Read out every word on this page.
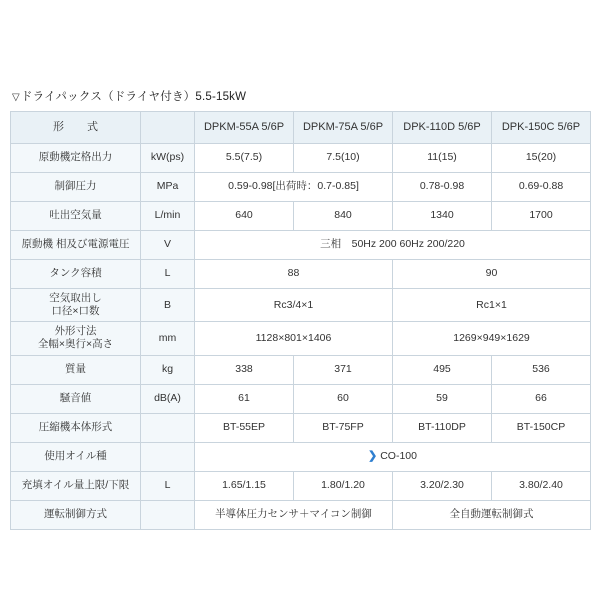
▽ドライパックス（ドライヤ付き）5.5-15kW
形　式		DPKM-55A 5/6P	DPKM-75A 5/6P	DPK-110D 5/6P	DPK-150C 5/6P
原動機定格出力	kW(ps)	5.5(7.5)	7.5(10)	11(15)	15(20)
制御圧力	MPa	0.59-0.98[出荷時：0.7-0.85]		0.78-0.98	0.69-0.88
吐出空気量	L/min	640	840	1340	1700
原動機 相及び電源電圧	V	三相　50Hz 200 60Hz 200/220			
タンク容積	L	88		90	
空気取出し
口径×口数	B	Rc3/4×1		Rc1×1	
外形寸法
全幅×奥行×高さ	mm	1128×801×1406		1269×949×1629	
質量	kg	338	371	495	536
騒音値	dB(A)	61	60	59	66
圧縮機本体形式		BT-55EP	BT-75FP	BT-110DP	BT-150CP
使用オイル種		❯ CO-100			
充填オイル量上限/下限	L	1.65/1.15	1.80/1.20	3.20/2.30	3.80/2.40
運転制御方式		半導体圧力センサ＋マイコン制御		全自動運転制御式	
